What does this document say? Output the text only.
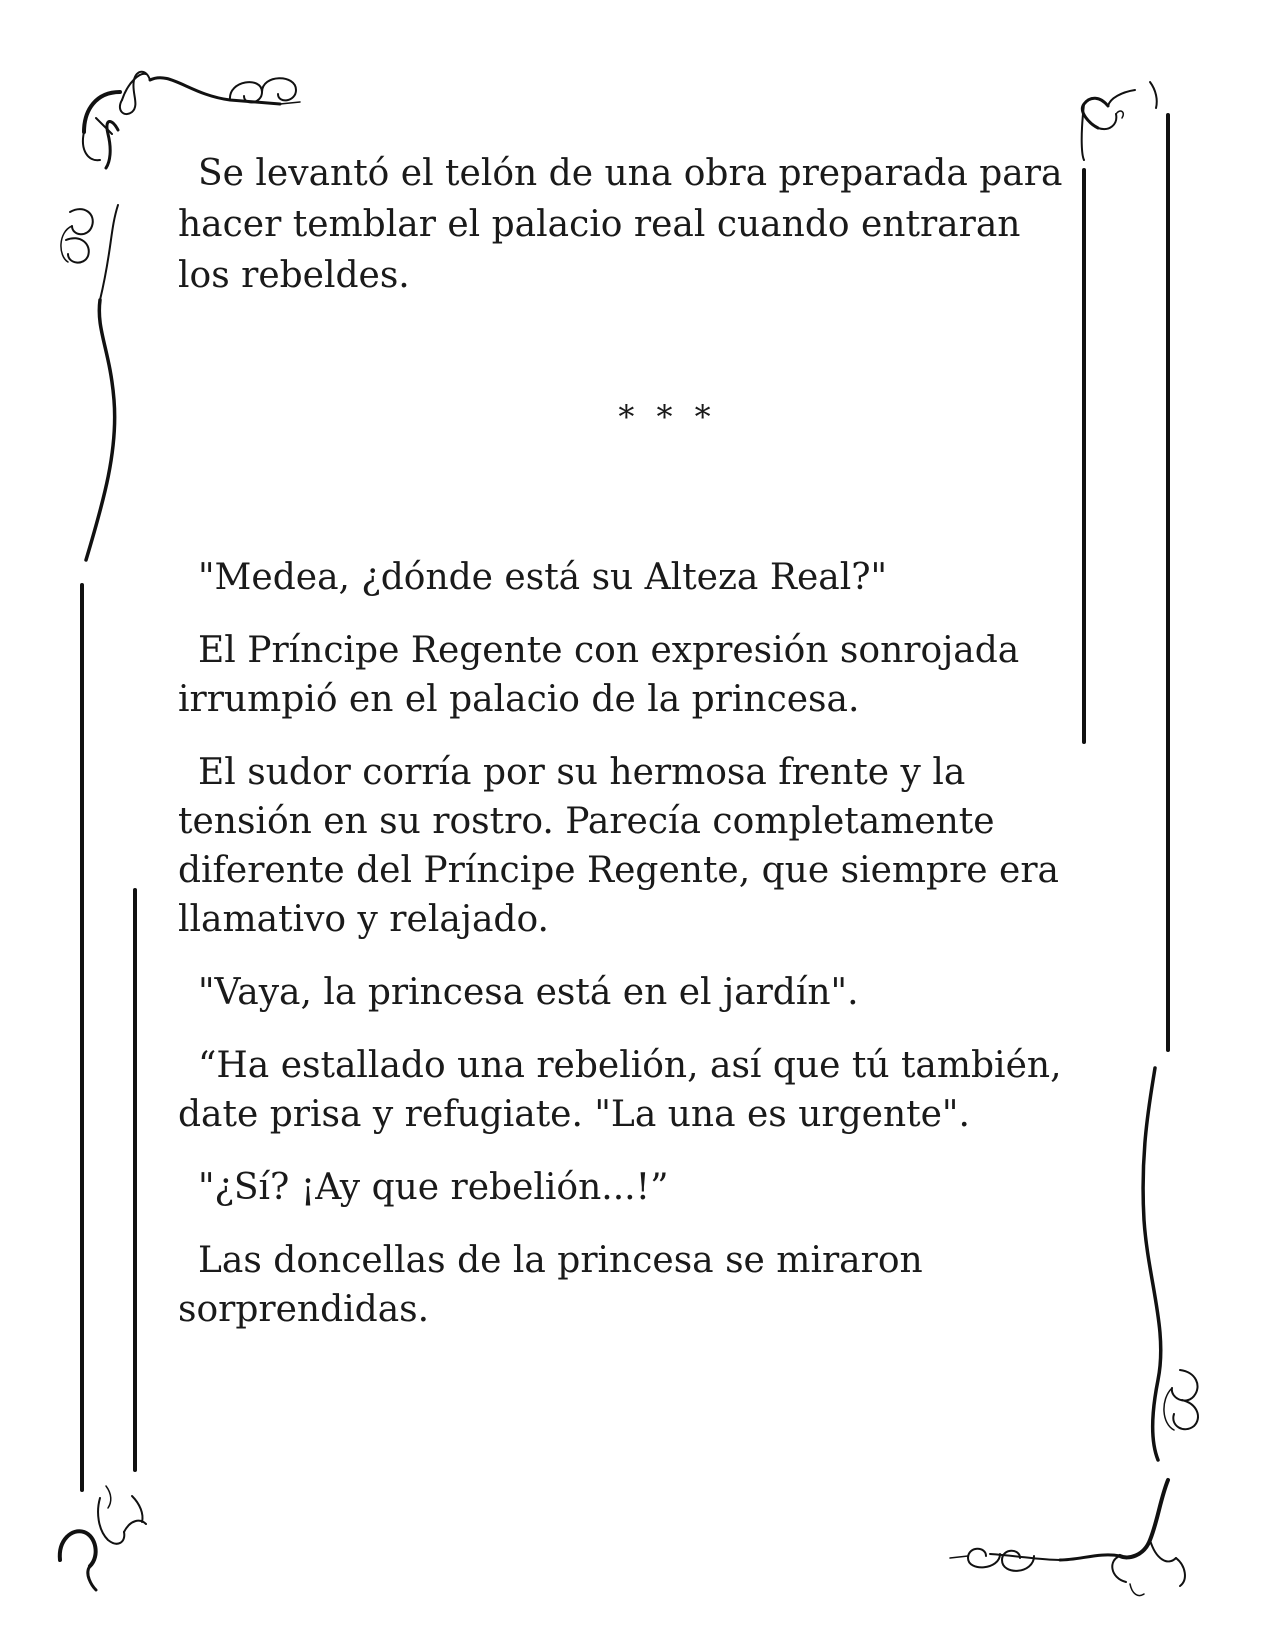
Se levantó el telón de una obra preparada para hacer temblar el palacio real cuando entraran los rebeldes.

* * *

"Medea, ¿dónde está su Alteza Real?"

El Príncipe Regente con expresión sonrojada irrumpió en el palacio de la princesa.

El sudor corría por su hermosa frente y la tensión en su rostro. Parecía completamente diferente del Príncipe Regente, que siempre era llamativo y relajado.

"Vaya, la princesa está en el jardín".

“Ha estallado una rebelión, así que tú también, date prisa y refugiate. "La una es urgente".

"¿Sí? ¡Ay que rebelión...!”

Las doncellas de la princesa se miraron sorprendidas.
